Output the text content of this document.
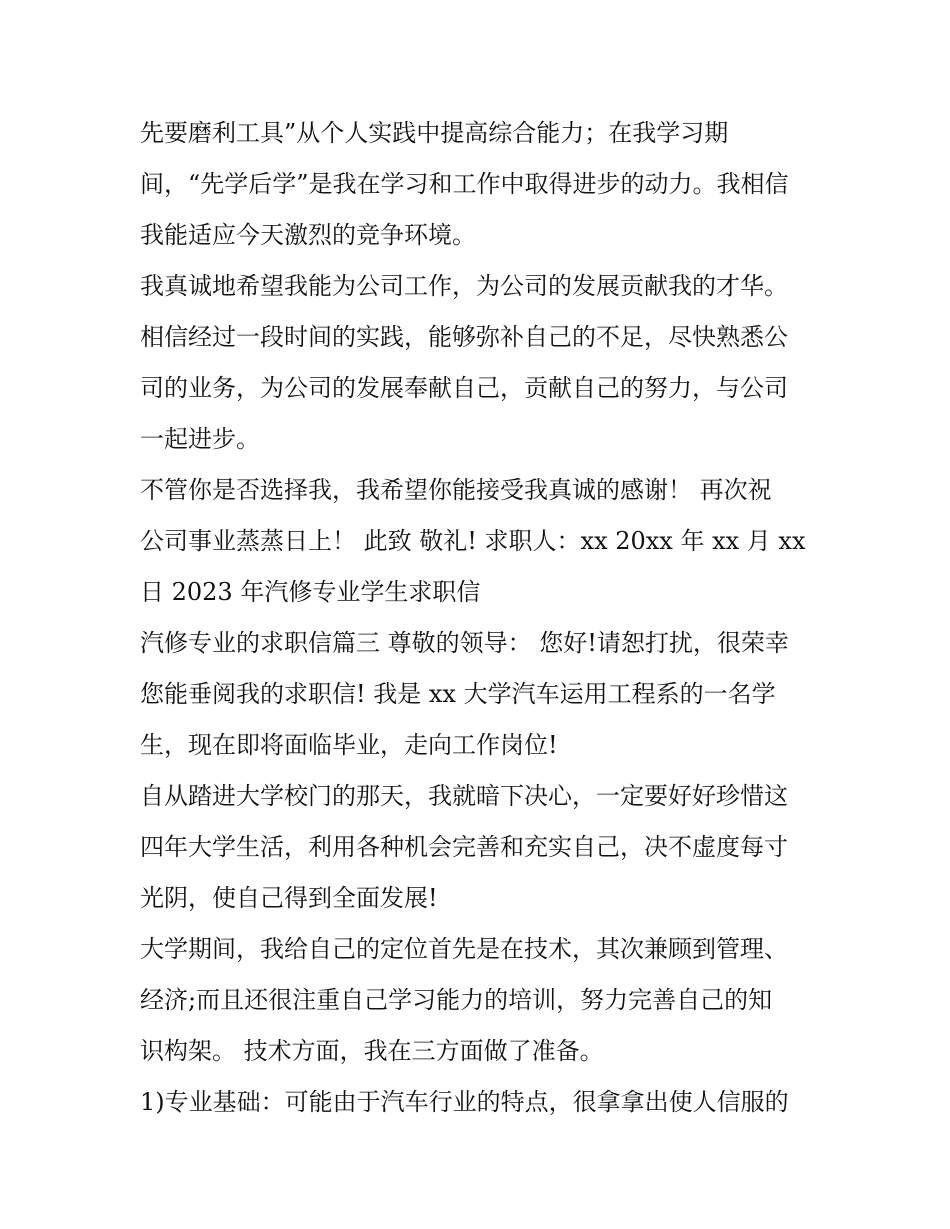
先要磨利工具”从个人实践中提高综合能力；在我学习期
间，“先学后学”是我在学习和工作中取得进步的动力。我相信
我能适应今天激烈的竞争环境。
我真诚地希望我能为公司工作，为公司的发展贡献我的才华。
相信经过一段时间的实践，能够弥补自己的不足，尽快熟悉公
司的业务，为公司的发展奉献自己，贡献自己的努力，与公司
一起进步。
不管你是否选择我，我希望你能接受我真诚的感谢！ 再次祝
公司事业蒸蒸日上！ 此致 敬礼! 求职人：xx 20xx 年 xx 月 xx
日 2023 年汽修专业学生求职信
汽修专业的求职信篇三 尊敬的领导： 您好!请恕打扰，很荣幸
您能垂阅我的求职信! 我是 xx 大学汽车运用工程系的一名学
生，现在即将面临毕业，走向工作岗位!
自从踏进大学校门的那天，我就暗下决心，一定要好好珍惜这
四年大学生活，利用各种机会完善和充实自己，决不虚度每寸
光阴，使自己得到全面发展!
大学期间，我给自己的定位首先是在技术，其次兼顾到管理、
经济;而且还很注重自己学习能力的培训，努力完善自己的知
识构架。 技术方面，我在三方面做了准备。
1)专业基础：可能由于汽车行业的特点，很拿拿出使人信服的
